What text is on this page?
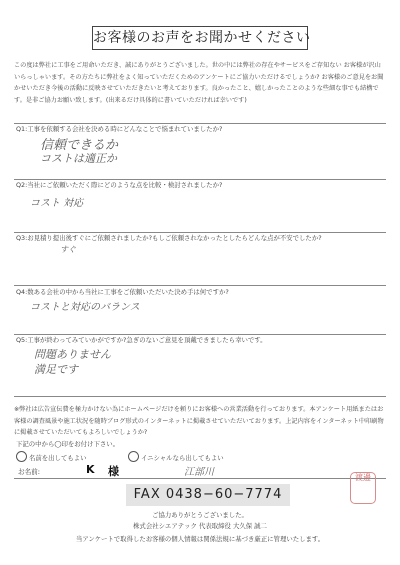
お客様のお声をお聞かせください
この度は弊社に工事をご用命いただき、誠にありがとうございました。世の中には弊社の存在やサービスをご存知ない お客様が沢山いらっしゃいます。その方たちに弊社をよく知っていただくためのアンケートにご協力いただけるでしょうか? お客様のご意見をお聞かせいただき今後の活動に反映させていただきたいと考えております。良かったこと、嬉しかったことのような些細な事でも結構です。是非ご協力お願い致します。(出来るだけ具体的に書いていただければ幸いです)
Q1:工事を依頼する会社を決める時にどんなことで悩まれていましたか?
信頼できるか
コストは適正か
Q2:当社にご依頼いただく際にどのような点を比較・検討されましたか?
コスト 対応
Q3:お見積り提出後すぐにご依頼されましたか?もしご依頼されなかったとしたらどんな点が不安でしたか?
すぐ
Q4:数ある会社の中から当社に工事をご依頼いただいた決め手は何ですか?
コストと対応のバランス
Q5:工事が終わってみていかがですか?急ぎのないご意見を頂戴できましたら幸いです。
問題ありません
満足です
※弊社は広告宣伝費を極力かけない為にホームページだけを頼りにお客様への営業活動を行っております。本アンケート用紙またはお客様の調査風景や施工状況を随時ブログ形式のインターネットに掲載させていただいております。上記内容をインターネット中印刷物に掲載させていただいてもよろしいでしょうか?
下記の中から◯印をお付け下さい。
名前を出してもよい	イニシャルなら出してもよい
お名前:	K 様	江部川
FAX 0438−60−7774
渡邊
ご協力ありがとうございました。
株式会社シエアテック 代表取締役 大久保 誠二
当アンケートで取得したお客様の個人情報は関係法規に基づき厳正に管理いたします。
